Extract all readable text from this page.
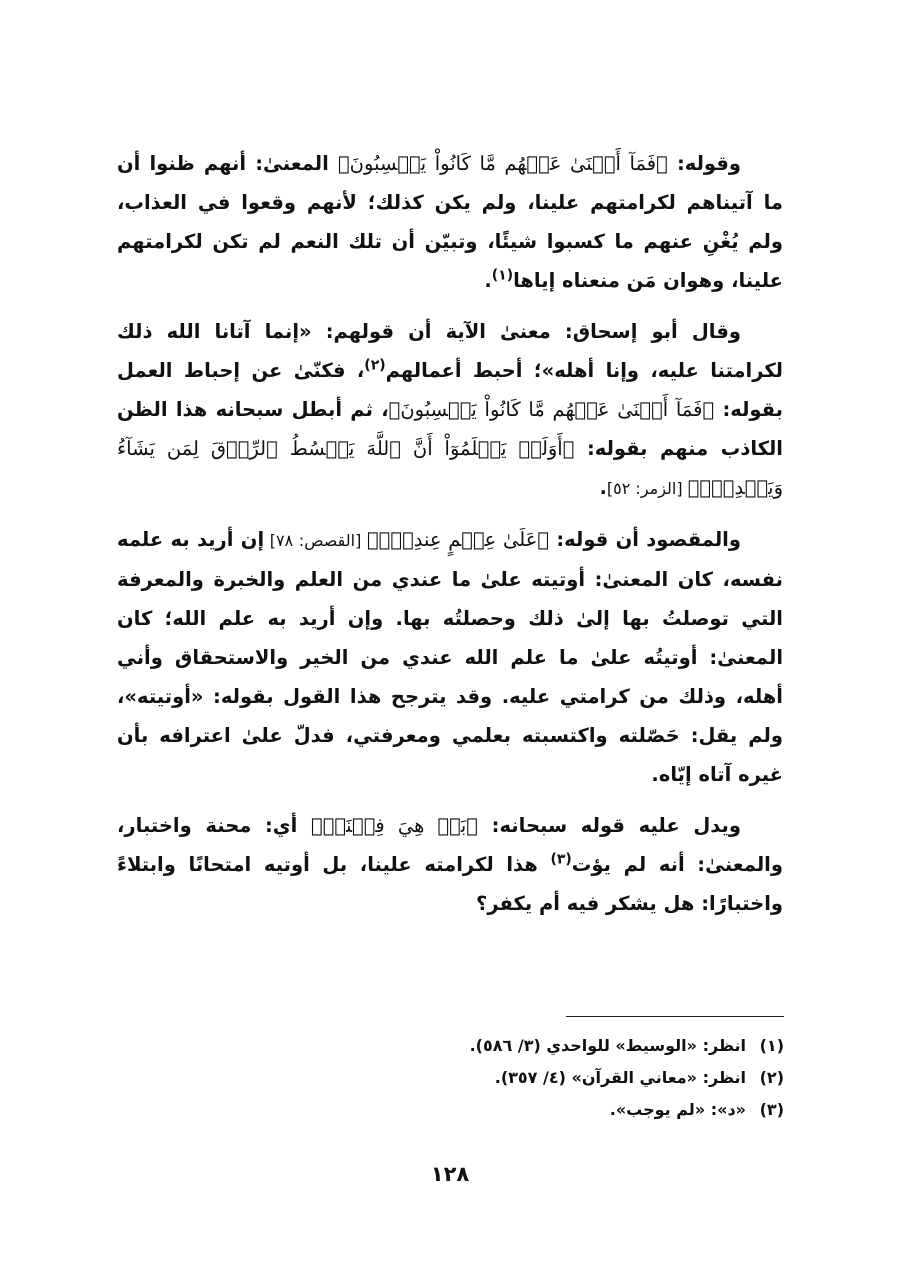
وقوله: ﴿فَمَآ أَغۡنَىٰ عَنۡهُم مَّا كَانُواْ يَكۡسِبُونَ﴾ المعنىٰ: أنهم ظنوا أن ما آتيناهم لكرامتهم علينا، ولم يكن كذلك؛ لأنهم وقعوا في العذاب، ولم يُغْنِ عنهم ما كسبوا شيئًا، وتبيّن أن تلك النعم لم تكن لكرامتهم علينا، وهوان مَن منعناه إياها$^{(١)}$.

وقال أبو إسحاق: معنىٰ الآية أن قولهم: «إنما آتانا الله ذلك لكرامتنا عليه، وإنا أهله»؛ أحبط أعمالهم$^{(٢)}$، فكنّىٰ عن إحباط العمل بقوله: ﴿فَمَآ أَغۡنَىٰ عَنۡهُم مَّا كَانُواْ يَكۡسِبُونَ﴾، ثم أبطل سبحانه هذا الظن الكاذب منهم بقوله: ﴿أَوَلَمۡ يَعۡلَمُوٓاْ أَنَّ ٱللَّهَ يَبۡسُطُ ٱلرِّزۡقَ لِمَن يَشَآءُ وَيَقۡدِرُۚ﴾ [الزمر: ٥٢].

والمقصود أن قوله: ﴿عَلَىٰ عِلۡمٍ عِندِيٓۚ﴾ [القصص: ٧٨] إن أريد به علمه نفسه، كان المعنىٰ: أوتيته علىٰ ما عندي من العلم والخبرة والمعرفة التي توصلتُ بها إلىٰ ذلك وحصلتُه بها. وإن أريد به علم الله؛ كان المعنىٰ: أوتيتُه علىٰ ما علم الله عندي من الخير والاستحقاق وأني أهله، وذلك من كرامتي عليه. وقد يترجح هذا القول بقوله: «أوتيته»، ولم يقل: حَصّلته واكتسبته بعلمي ومعرفتي، فدلّ علىٰ اعترافه بأن غيره آتاه إيّاه.

ويدل عليه قوله سبحانه: ﴿بَلۡ هِيَ فِتۡنَةٞ﴾ أي: محنة واختبار، والمعنىٰ: أنه لم يؤت$^{(٣)}$ هذا لكرامته علينا، بل أوتيه امتحانًا وابتلاءً واختبارًا: هل يشكر فيه أم يكفر؟

(١)انظر: «الوسيط» للواحدي (٣/ ٥٨٦).
(٢)انظر: «معاني القرآن» (٤/ ٣٥٧).
(٣)«د»: «لم يوجب».
١٢٨
